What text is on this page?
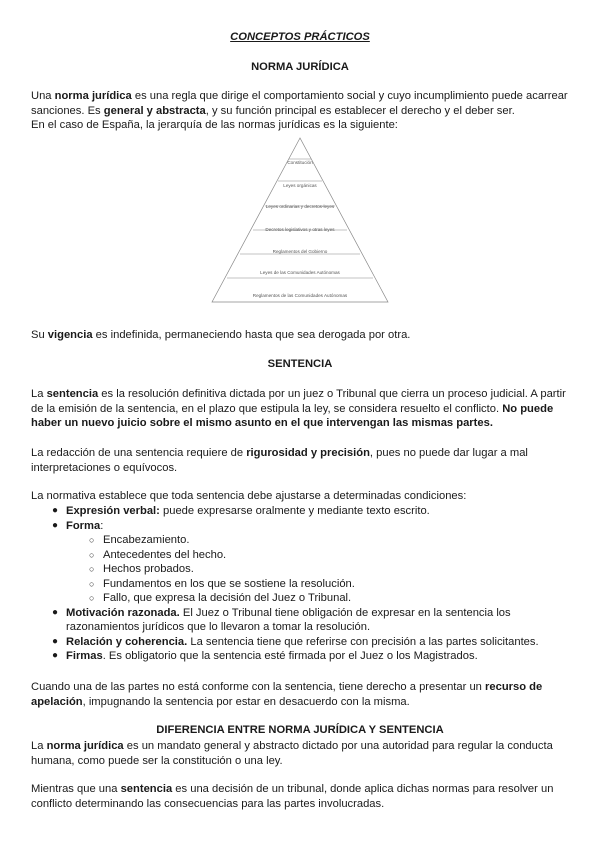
CONCEPTOS PRÁCTICOS
NORMA JURÍDICA
Una norma jurídica es una regla que dirige el comportamiento social y cuyo incumplimiento puede acarrear
sanciones. Es general y abstracta, y su función principal es establecer el derecho y el deber ser.
En el caso de España, la jerarquía de las normas jurídicas es la siguiente:
Constitución
Leyes orgánicas
Leyes ordinarias y decretos-leyes
Decretos legislativos y otras leyes
Reglamentos del Gobierno
Leyes de las Comunidades Autónomas
Reglamentos de las Comunidades Autónomas
Su vigencia es indefinida, permaneciendo hasta que sea derogada por otra.
SENTENCIA
La sentencia es la resolución definitiva dictada por un juez o Tribunal que cierra un proceso judicial. A partir
de la emisión de la sentencia, en el plazo que estipula la ley, se considera resuelto el conflicto. No puede
haber un nuevo juicio sobre el mismo asunto en el que intervengan las mismas partes.
La redacción de una sentencia requiere de rigurosidad y precisión, pues no puede dar lugar a mal
interpretaciones o equívocos.
La normativa establece que toda sentencia debe ajustarse a determinadas condiciones:
● Expresión verbal: puede expresarse oralmente y mediante texto escrito.
● Forma:
○ Encabezamiento.
○ Antecedentes del hecho.
○ Hechos probados.
○ Fundamentos en los que se sostiene la resolución.
○ Fallo, que expresa la decisión del Juez o Tribunal.
● Motivación razonada. El Juez o Tribunal tiene obligación de expresar en la sentencia los
razonamientos jurídicos que lo llevaron a tomar la resolución.
● Relación y coherencia. La sentencia tiene que referirse con precisión a las partes solicitantes.
● Firmas. Es obligatorio que la sentencia esté firmada por el Juez o los Magistrados.
Cuando una de las partes no está conforme con la sentencia, tiene derecho a presentar un recurso de
apelación, impugnando la sentencia por estar en desacuerdo con la misma.
DIFERENCIA ENTRE NORMA JURÍDICA Y SENTENCIA
La norma jurídica es un mandato general y abstracto dictado por una autoridad para regular la conducta
humana, como puede ser la constitución o una ley.
Mientras que una sentencia es una decisión de un tribunal, donde aplica dichas normas para resolver un
conflicto determinando las consecuencias para las partes involucradas.
